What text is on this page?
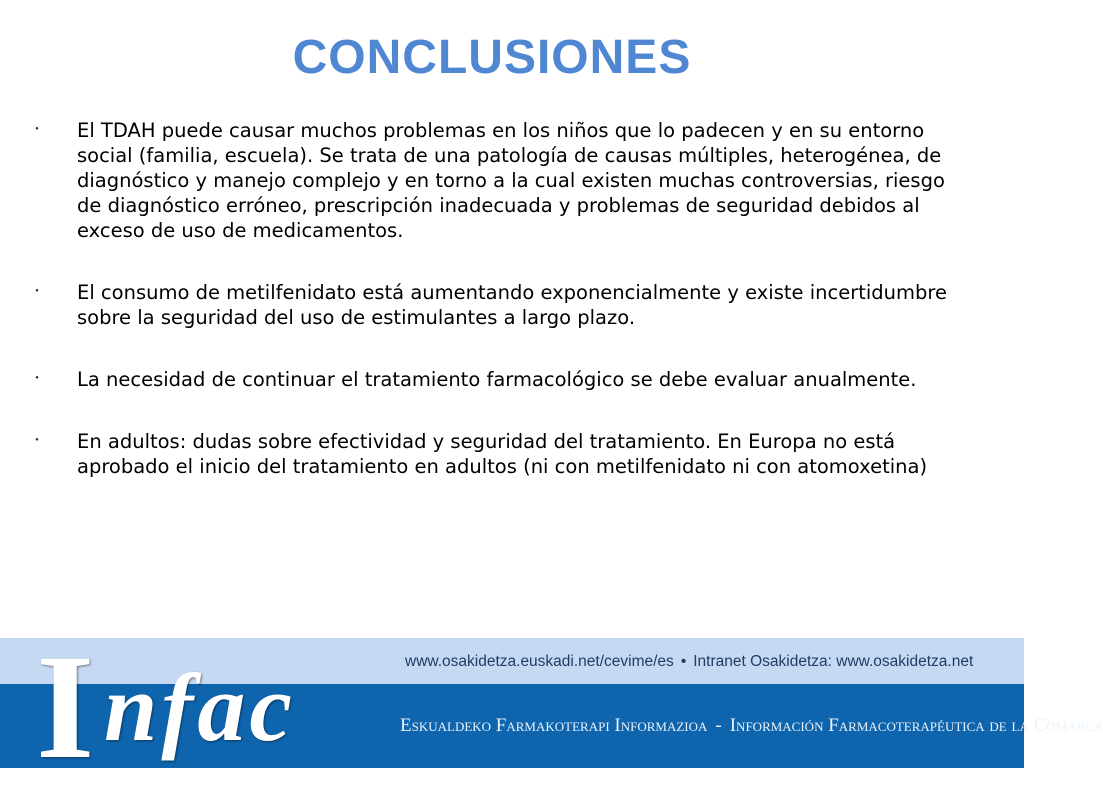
CONCLUSIONES
・ El TDAH puede causar muchos problemas en los niños que lo padecen y en su entorno social (familia, escuela). Se trata de una patología de causas múltiples, heterogénea, de diagnóstico y manejo complejo y en torno a la cual existen muchas controversias, riesgo de diagnóstico erróneo, prescripción inadecuada y problemas de seguridad debidos al exceso de uso de medicamentos.
・ El consumo de metilfenidato está aumentando exponencialmente y existe incertidumbre sobre la seguridad del uso de estimulantes a largo plazo.
・ La necesidad de continuar el tratamiento farmacológico se debe evaluar anualmente.
・ En adultos: dudas sobre efectividad y seguridad del tratamiento. En Europa no está aprobado el inicio del tratamiento en adultos (ni con metilfenidato ni con atomoxetina)
I nfac	www.osakidetza.euskadi.net/cevime/es • Intranet Osakidetza: www.osakidetza.net
Eskualdeko Farmakoterapi Informazioa - Información Farmacoterapéutica de la Comarca
